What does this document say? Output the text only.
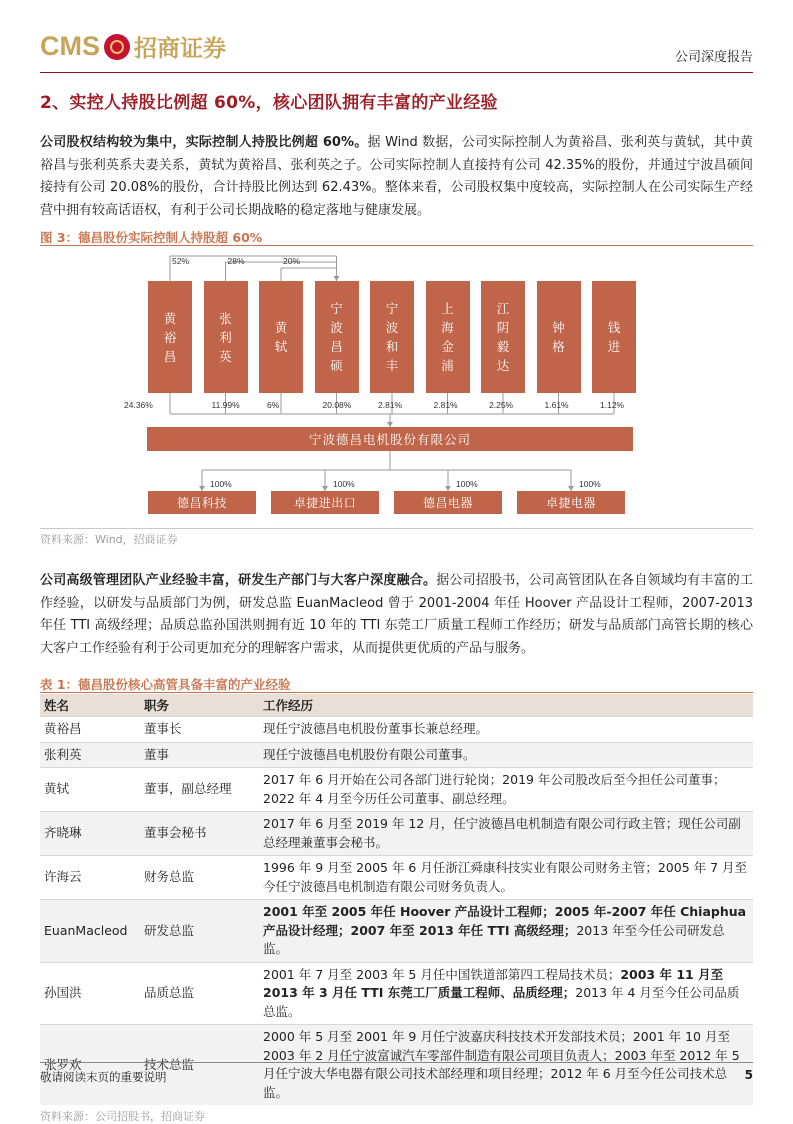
CMS 招商证券	公司深度报告
2、实控人持股比例超 60%，核心团队拥有丰富的产业经验
公司股权结构较为集中，实际控制人持股比例超 60%。据 Wind 数据，公司实际控制人为黄裕昌、张利英与黄轼，其中黄裕昌与张利英系夫妻关系，黄轼为黄裕昌、张利英之子。公司实际控制人直接持有公司 42.35%的股份，并通过宁波昌硕间接持有公司 20.08%的股份，合计持股比例达到 62.43%。整体来看，公司股权集中度较高，实际控制人在公司实际生产经营中拥有较高话语权，有利于公司长期战略的稳定落地与健康发展。
图 3：德昌股份实际控制人持股超 60%
黄裕昌
24.36%
张利英
11.99%
黄轼
6%
宁波昌硕
20.08%
宁波和丰
2.81%
上海金浦
2.81%
江阴毅达
2.25%
钟格
1.61%
钱进
1.12%
52%	28%	20%
宁波德昌电机股份有限公司
德昌科技
100%
卓捷进出口
100%
德昌电器
100%
卓捷电器
100%
资料来源：Wind，招商证券
公司高级管理团队产业经验丰富，研发生产部门与大客户深度融合。据公司招股书，公司高管团队在各自领域均有丰富的工作经验，以研发与品质部门为例，研发总监 EuanMacleod 曾于 2001-2004 年任 Hoover 产品设计工程师，2007-2013 年任 TTI 高级经理；品质总监孙国洪则拥有近 10 年的 TTI 东莞工厂质量工程师工作经历；研发与品质部门高管长期的核心大客户工作经验有利于公司更加充分的理解客户需求，从而提供更优质的产品与服务。
表 1：德昌股份核心高管具备丰富的产业经验
姓名	职务	工作经历
黄裕昌	董事长	现任宁波德昌电机股份董事长兼总经理。
张利英	董事	现任宁波德昌电机股份有限公司董事。
黄轼	董事，副总经理	2017 年 6 月开始在公司各部门进行轮岗；2019 年公司股改后至今担任公司董事；2022 年 4 月至今历任公司董事、副总经理。
齐晓琳	董事会秘书	2017 年 6 月至 2019 年 12 月，任宁波德昌电机制造有限公司行政主管；现任公司副总经理兼董事会秘书。
许海云	财务总监	1996 年 9 月至 2005 年 6 月任浙江舜康科技实业有限公司财务主管；2005 年 7 月至今任宁波德昌电机制造有限公司财务负责人。
EuanMacleod	研发总监	2001 年至 2005 年任 Hoover 产品设计工程师；2005 年-2007 年任 Chiaphua 产品设计经理；2007 年至 2013 年任 TTI 高级经理；2013 年至今任公司研发总监。
孙国洪	品质总监	2001 年 7 月至 2003 年 5 月任中国铁道部第四工程局技术员；2003 年 11 月至 2013 年 3 月任 TTI 东莞工厂质量工程师、品质经理；2013 年 4 月至今任公司品质总监。
张罗欢	技术总监	2000 年 5 月至 2001 年 9 月任宁波嘉庆科技技术开发部技术员；2001 年 10 月至 2003 年 2 月任宁波富诚汽车零部件制造有限公司项目负责人；2003 年至 2012 年 5 月任宁波大华电器有限公司技术部经理和项目经理；2012 年 6 月至今任公司技术总监。
资料来源：公司招股书，招商证券
敬请阅读末页的重要说明	5
